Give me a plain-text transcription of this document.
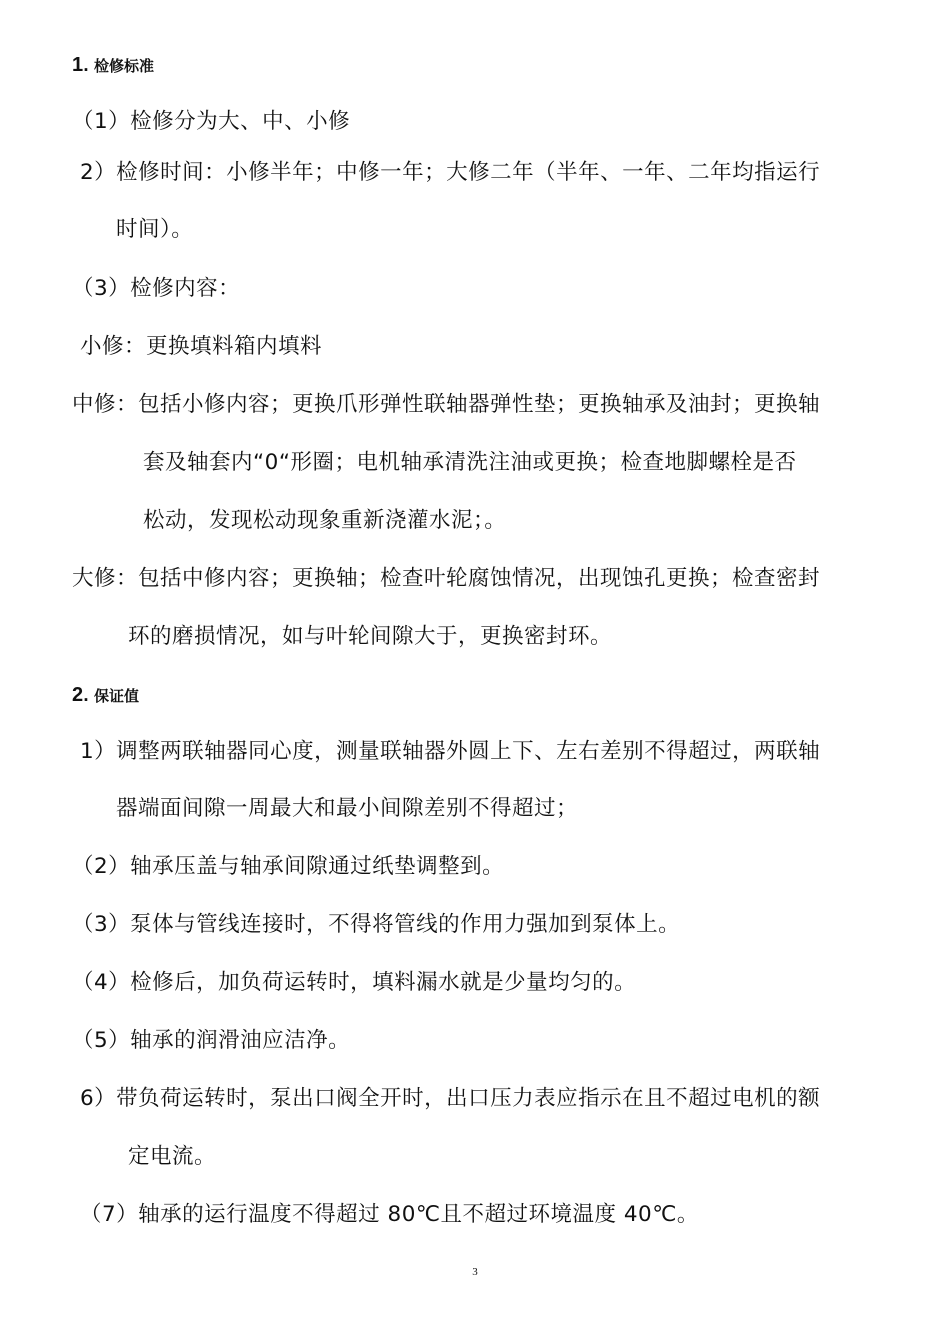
1. 检修标准
（1）检修分为大、中、小修
2）检修时间：小修半年；中修一年；大修二年（半年、一年、二年均指运行
时间）。
（3）检修内容：
小修：更换填料箱内填料
中修：包括小修内容；更换爪形弹性联轴器弹性垫；更换轴承及油封；更换轴
套及轴套内“0“形圈；电机轴承清洗注油或更换；检查地脚螺栓是否
松动，发现松动现象重新浇灌水泥；。
大修：包括中修内容；更换轴；检查叶轮腐蚀情况，出现蚀孔更换；检查密封
环的磨损情况，如与叶轮间隙大于，更换密封环。
2. 保证值
1）调整两联轴器同心度，测量联轴器外圆上下、左右差别不得超过，两联轴
器端面间隙一周最大和最小间隙差别不得超过；
（2）轴承压盖与轴承间隙通过纸垫调整到。
（3）泵体与管线连接时，不得将管线的作用力强加到泵体上。
（4）检修后，加负荷运转时，填料漏水就是少量均匀的。
（5）轴承的润滑油应洁净。
6）带负荷运转时，泵出口阀全开时，出口压力表应指示在且不超过电机的额
定电流。
（7）轴承的运行温度不得超过 80℃且不超过环境温度 40℃。
3
